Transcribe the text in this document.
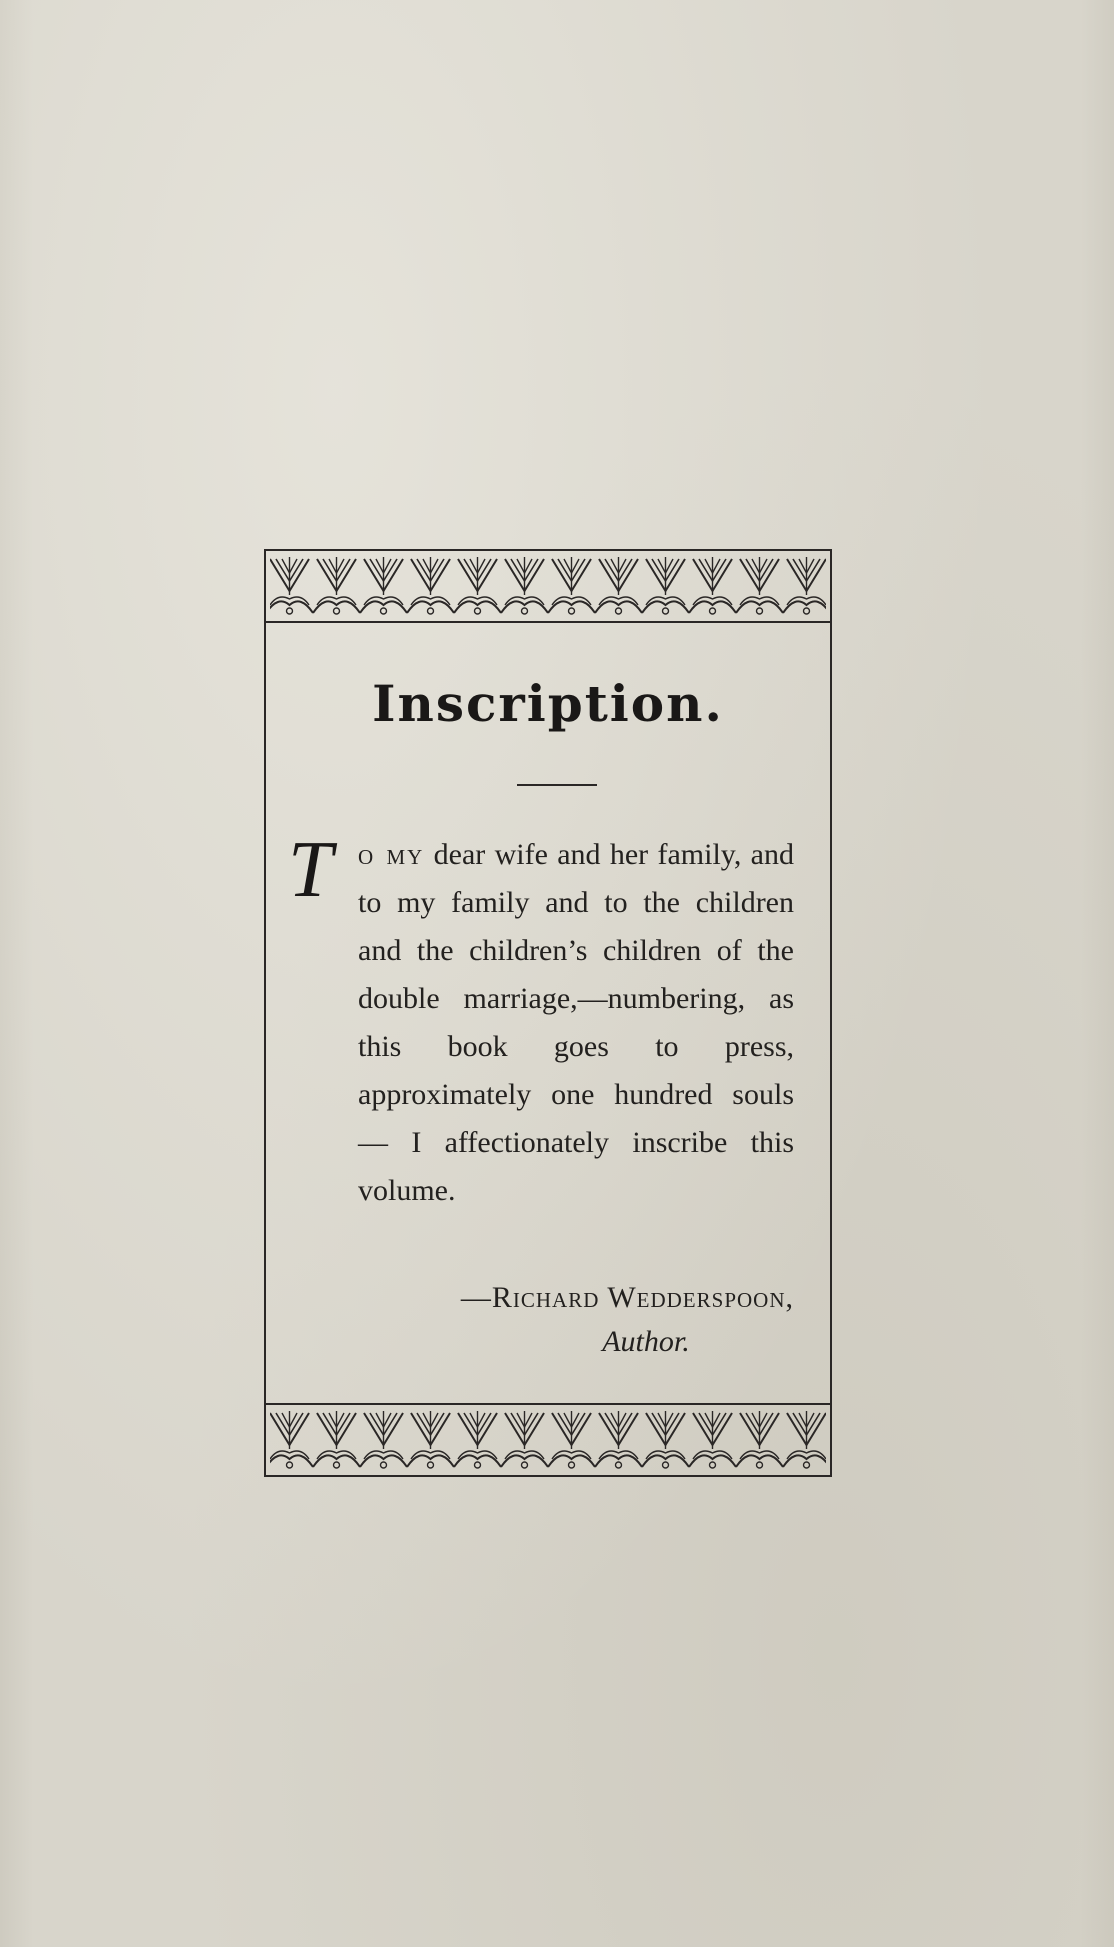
Inscription.
To my dear wife and her family, and to my family and to the children and the children’s children of the double marriage,—numbering, as this book goes to press, approximately one hundred souls — I affectionately inscribe this volume.
—Richard Wedderspoon,
Author.
